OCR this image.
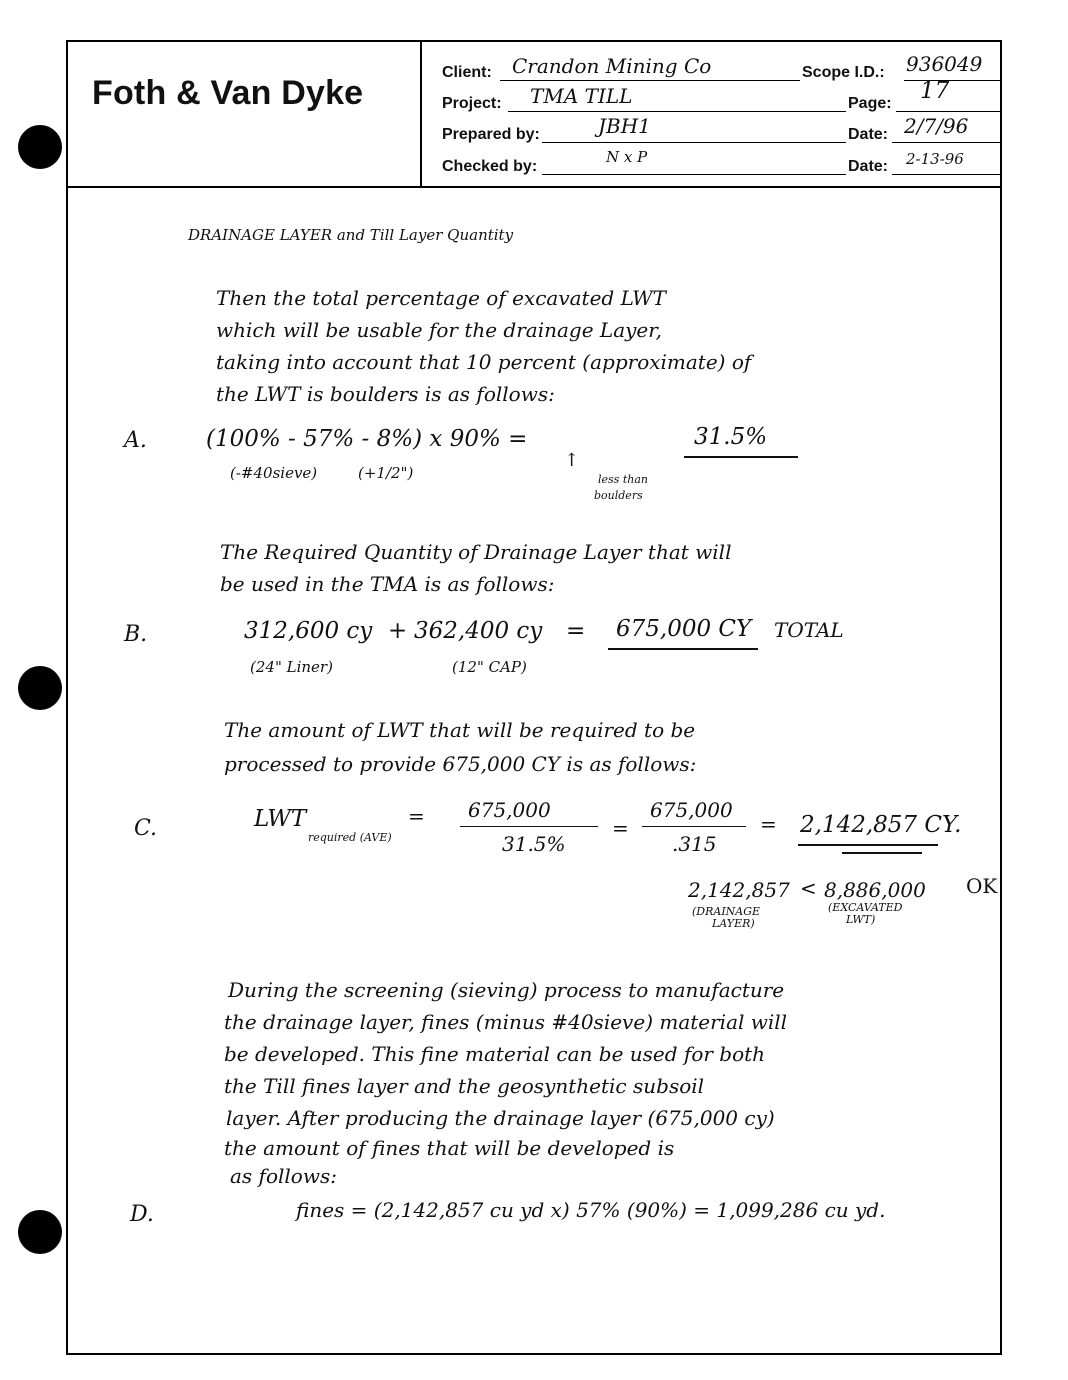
Foth & Van Dyke
Client: Crandon Mining Co	Scope I.D.: 936049
Project: TMA TILL	Page: 17
Prepared by:	JBH1	Date: 2/7/96
Checked by:
N x P
Date: 2-13-96
DRAINAGE LAYER and Till Layer Quantity
Then the total percentage of excavated LWT
which will be usable for the drainage Layer,
taking into account that 10 percent (approximate) of
the LWT is boulders is as follows:
A.	(100% - 57% - 8%) x 90% =	31.5%
(-#40sieve)	(+1/2")
↑
less than
boulders
The Required Quantity of Drainage Layer that will
be used in the TMA is as follows:
B.	312,600 cy + 362,400 cy = 675,000 CY TOTAL
(24" Liner)	(12" CAP)
The amount of LWT that will be required to be
processed to provide 675,000 CY is as follows:
C.	LWT
required (AVE)
= 675,000
31.5%
=
675,000
.315
= 2,142,857 CY.
2,142,857 < 8,886,000 OK
(DRAINAGE
LAYER)
(EXCAVATED
LWT)
During the screening (sieving) process to manufacture
the drainage layer, fines (minus #40sieve) material will
be developed. This fine material can be used for both
the Till fines layer and the geosynthetic subsoil
layer. After producing the drainage layer (675,000 cy)
the amount of fines that will be developed is
as follows:
D.	fines = (2,142,857 cu yd x) 57% (90%) = 1,099,286 cu yd.
